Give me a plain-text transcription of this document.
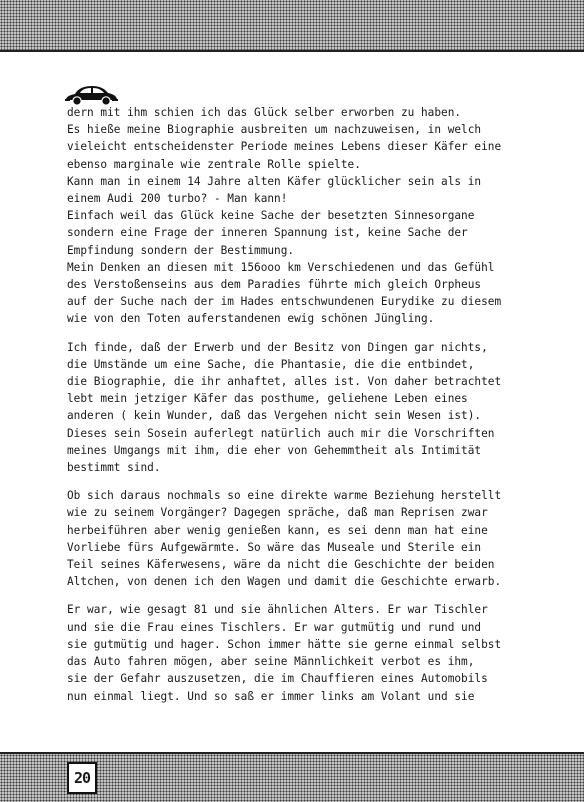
dern mit ihm schien ich das Glück selber erworben zu haben.
Es hieße meine Biographie ausbreiten um nachzuweisen, in welch
vieleicht entscheidenster Periode meines Lebens dieser Käfer eine
ebenso marginale wie zentrale Rolle spielte.
Kann man in einem 14 Jahre alten Käfer glücklicher sein als in
einem Audi 200 turbo? - Man kann!
Einfach weil das Glück keine Sache der besetzten Sinnesorgane
sondern eine Frage der inneren Spannung ist, keine Sache der
Empfindung sondern der Bestimmung.
Mein Denken an diesen mit 156ooo km Verschiedenen und das Gefühl
des Verstoßenseins aus dem Paradies führte mich gleich Orpheus
auf der Suche nach der im Hades entschwundenen Eurydike zu diesem
wie von den Toten auferstandenen ewig schönen Jüngling.
Ich finde, daß der Erwerb und der Besitz von Dingen gar nichts,
die Umstände um eine Sache, die Phantasie, die die entbindet,
die Biographie, die ihr anhaftet, alles ist. Von daher betrachtet
lebt mein jetziger Käfer das posthume, geliehene Leben eines
anderen ( kein Wunder, daß das Vergehen nicht sein Wesen ist).
Dieses sein Sosein auferlegt natürlich auch mir die Vorschriften
meines Umgangs mit ihm, die eher von Gehemmtheit als Intimität
bestimmt sind.
Ob sich daraus nochmals so eine direkte warme Beziehung herstellt
wie zu seinem Vorgänger? Dagegen spräche, daß man Reprisen zwar
herbeiführen aber wenig genießen kann, es sei denn man hat eine
Vorliebe fürs Aufgewärmte. So wäre das Museale und Sterile ein
Teil seines Käferwesens, wäre da nicht die Geschichte der beiden
Altchen, von denen ich den Wagen und damit die Geschichte erwarb.
Er war, wie gesagt 81 und sie ähnlichen Alters. Er war Tischler
und sie die Frau eines Tischlers. Er war gutmütig und rund und
sie gutmütig und hager. Schon immer hätte sie gerne einmal selbst
das Auto fahren mögen, aber seine Männlichkeit verbot es ihm,
sie der Gefahr auszusetzen, die im Chauffieren eines Automobils
nun einmal liegt. Und so saß er immer links am Volant und sie
20
